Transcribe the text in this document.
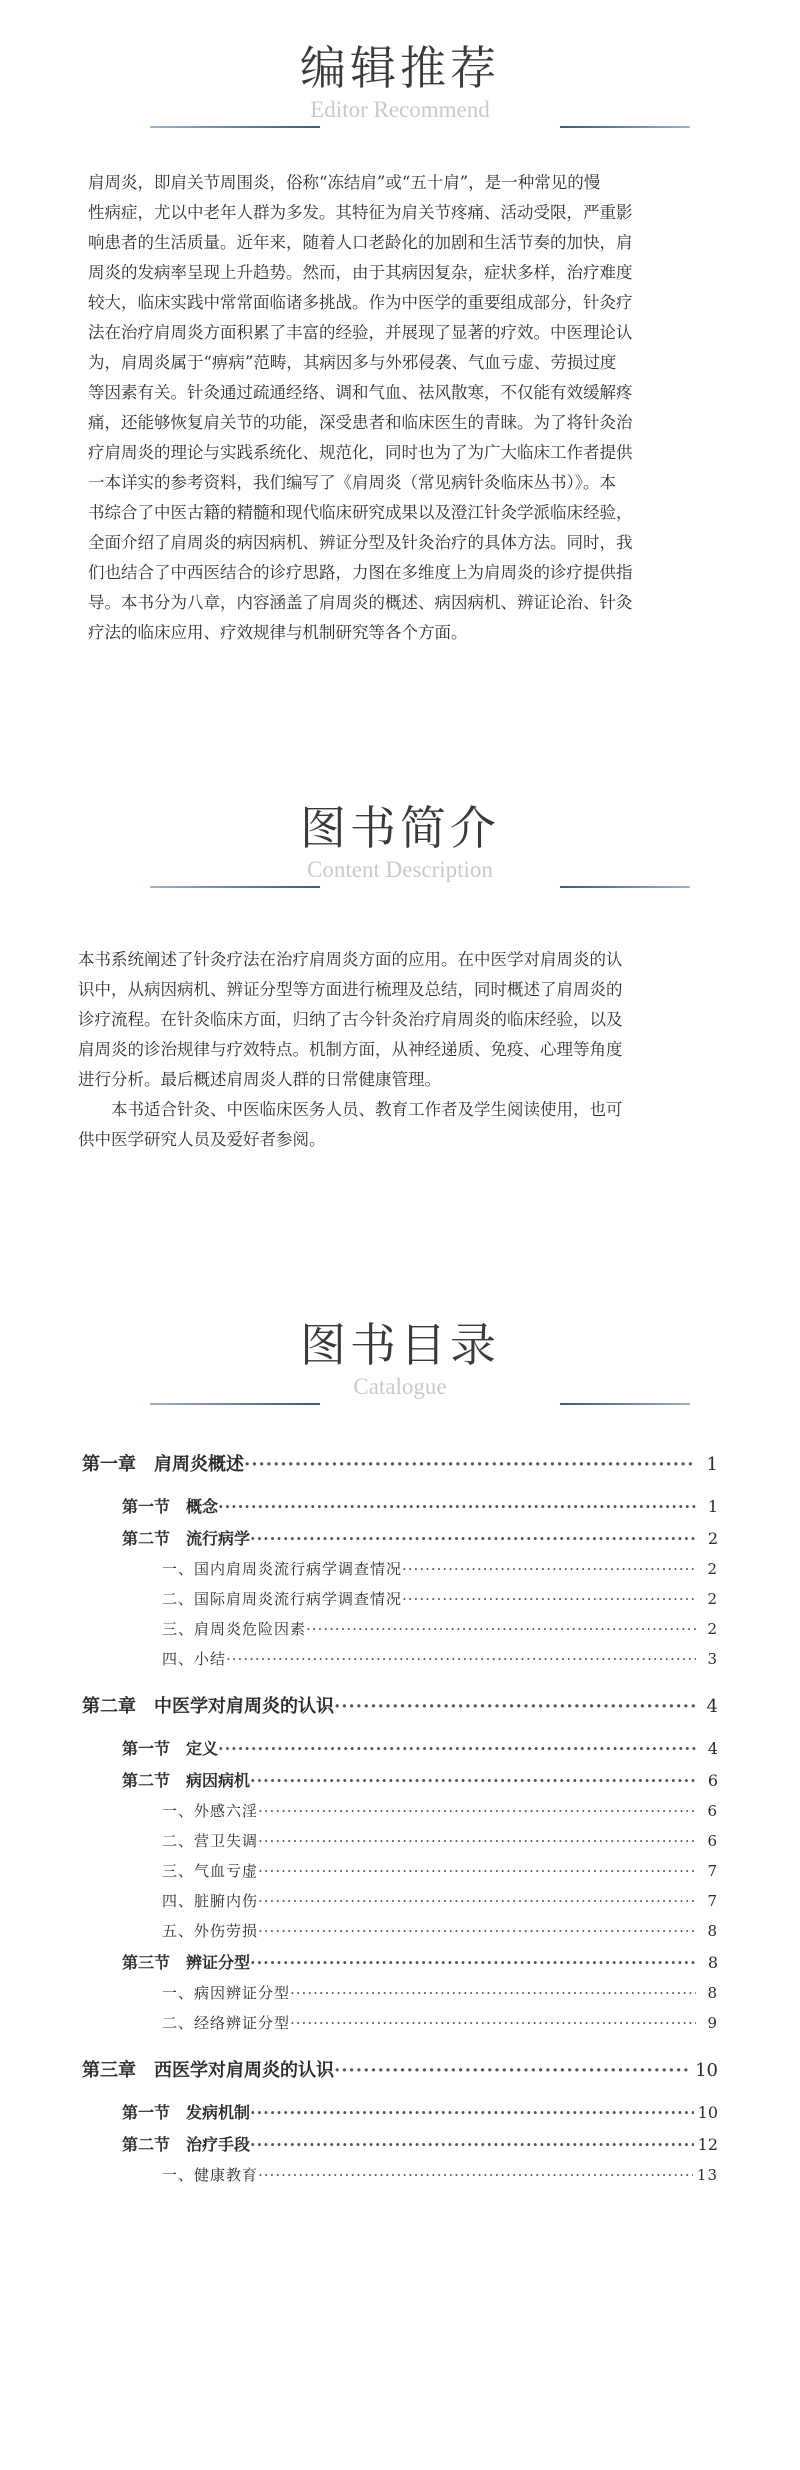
编辑推荐
Editor Recommend
肩周炎，即肩关节周围炎，俗称“冻结肩”或“五十肩”，是一种常见的慢
性病症，尤以中老年人群为多发。其特征为肩关节疼痛、活动受限，严重影
响患者的生活质量。近年来，随着人口老龄化的加剧和生活节奏的加快，肩
周炎的发病率呈现上升趋势。然而，由于其病因复杂，症状多样，治疗难度
较大，临床实践中常常面临诸多挑战。作为中医学的重要组成部分，针灸疗
法在治疗肩周炎方面积累了丰富的经验，并展现了显著的疗效。中医理论认
为，肩周炎属于“痹病”范畴，其病因多与外邪侵袭、气血亏虚、劳损过度
等因素有关。针灸通过疏通经络、调和气血、祛风散寒，不仅能有效缓解疼
痛，还能够恢复肩关节的功能，深受患者和临床医生的青睐。为了将针灸治
疗肩周炎的理论与实践系统化、规范化，同时也为了为广大临床工作者提供
一本详实的参考资料，我们编写了《肩周炎（常见病针灸临床丛书）》。本
书综合了中医古籍的精髓和现代临床研究成果以及澄江针灸学派临床经验，
全面介绍了肩周炎的病因病机、辨证分型及针灸治疗的具体方法。同时，我
们也结合了中西医结合的诊疗思路，力图在多维度上为肩周炎的诊疗提供指
导。本书分为八章，内容涵盖了肩周炎的概述、病因病机、辨证论治、针灸
疗法的临床应用、疗效规律与机制研究等各个方面。
图书简介
Content Description
本书系统阐述了针灸疗法在治疗肩周炎方面的应用。在中医学对肩周炎的认
识中，从病因病机、辨证分型等方面进行梳理及总结，同时概述了肩周炎的
诊疗流程。在针灸临床方面，归纳了古今针灸治疗肩周炎的临床经验，以及
肩周炎的诊治规律与疗效特点。机制方面，从神经递质、免疫、心理等角度
进行分析。最后概述肩周炎人群的日常健康管理。
　　本书适合针灸、中医临床医务人员、教育工作者及学生阅读使用，也可
供中医学研究人员及爱好者参阅。
图书目录
Catalogue
第一章　肩周炎概述 ·····	1
第一节　概念 ·····	1
第二节　流行病学 ·····	2
一、国内肩周炎流行病学调查情况 ·····	2
二、国际肩周炎流行病学调查情况 ·····	2
三、肩周炎危险因素 ·····	2
四、小结 ·····	3
第二章　中医学对肩周炎的认识 ·····	4
第一节　定义 ·····	4
第二节　病因病机 ·····	6
一、外感六淫 ·····	6
二、营卫失调 ·····	6
三、气血亏虚 ·····	7
四、脏腑内伤 ·····	7
五、外伤劳损 ·····	8
第三节　辨证分型 ·····	8
一、病因辨证分型 ·····	8
二、经络辨证分型 ·····	9
第三章　西医学对肩周炎的认识 ·····	10
第一节　发病机制 ·····	10
第二节　治疗手段 ·····	12
一、健康教育 ·····	13
